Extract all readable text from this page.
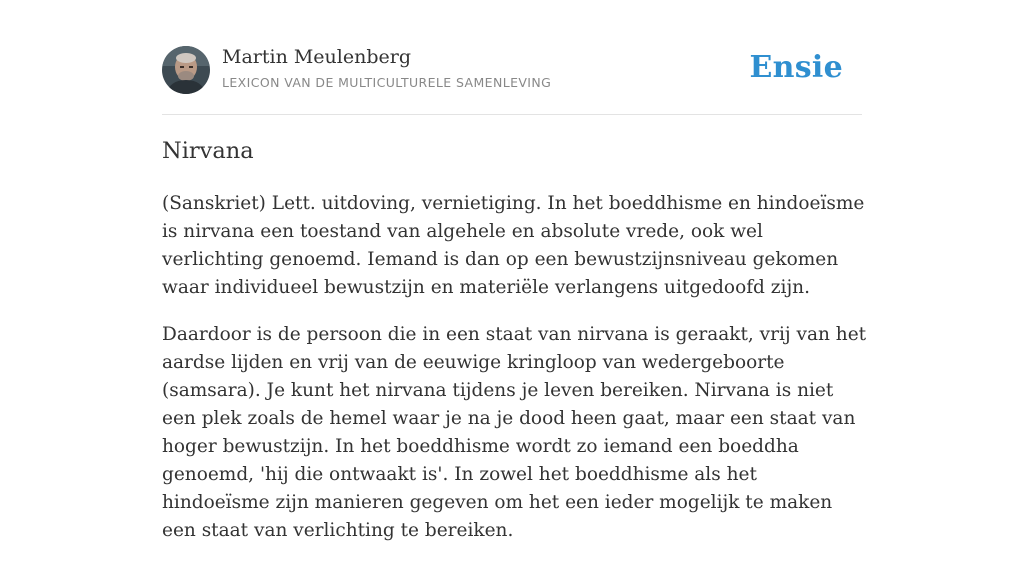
Martin Meulenberg
LEXICON VAN DE MULTICULTURELE SAMENLEVING	Ensie
Nirvana

(Sanskriet) Lett. uitdoving, vernietiging. In het boeddhisme en hindoeïsme is nirvana een toestand van algehele en absolute vrede, ook wel verlichting genoemd. Iemand is dan op een bewustzijnsniveau gekomen waar individueel bewustzijn en materiële verlangens uitgedoofd zijn.

Daardoor is de persoon die in een staat van nirvana is geraakt, vrij van het aardse lijden en vrij van de eeuwige kringloop van wedergeboorte (samsara). Je kunt het nirvana tijdens je leven bereiken. Nirvana is niet een plek zoals de hemel waar je na je dood heen gaat, maar een staat van hoger bewustzijn. In het boeddhisme wordt zo iemand een boeddha genoemd, 'hij die ontwaakt is'. In zowel het boeddhisme als het hindoeïsme zijn manieren gegeven om het een ieder mogelijk te maken een staat van verlichting te bereiken.
